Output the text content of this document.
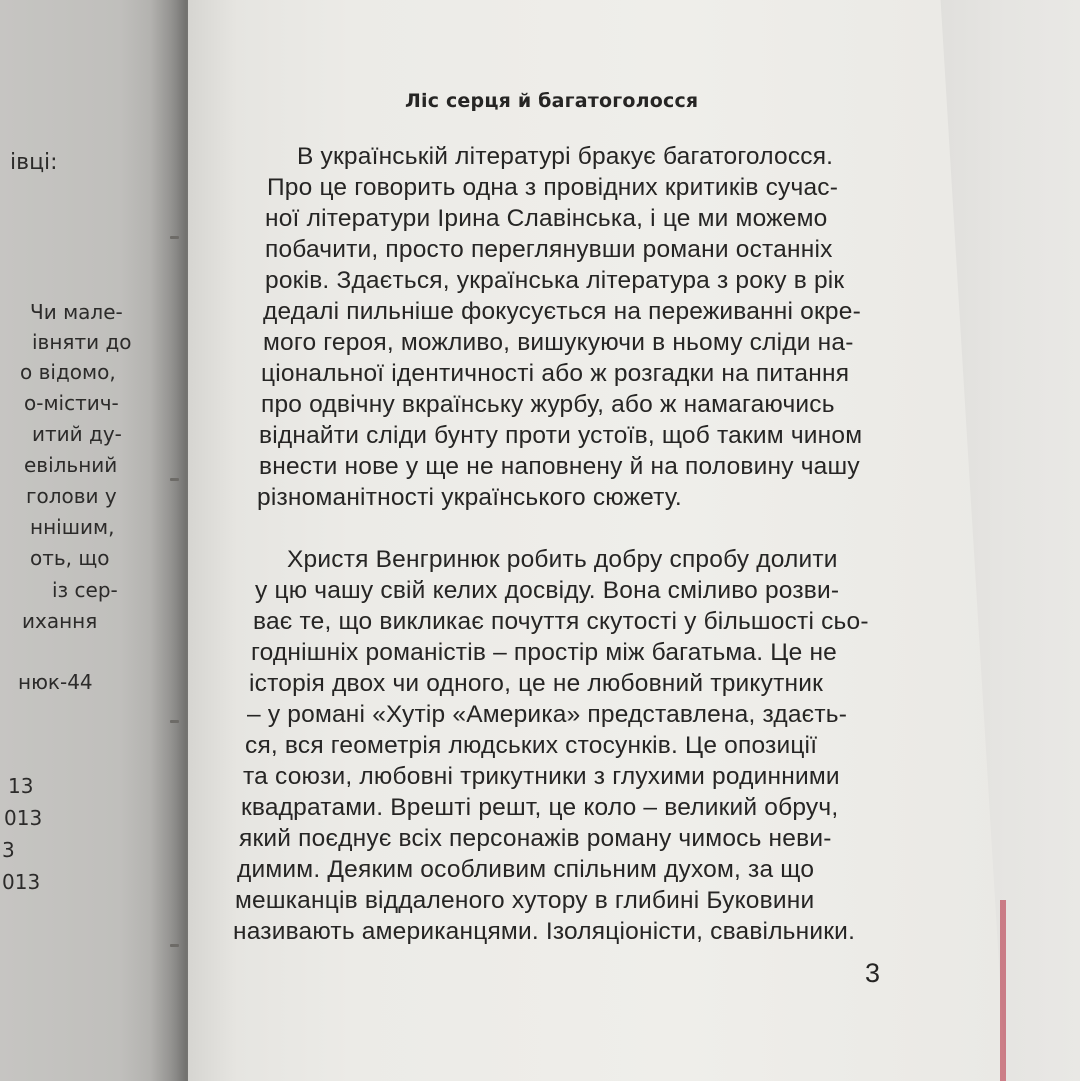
івці:
Чи мале-
івняти до
о відомо,
о-містич-
итий ду-
евільний
голови у
ннішим,
оть, що
із сер-
ихання
нюк-44
13
013
3
013
Ліс серця й багатоголосся
В українській літературі бракує багатоголосся.
Про це говорить одна з провідних критиків сучас-
ної літератури Ірина Славінська, і це ми можемо
побачити, просто переглянувши романи останніх
років. Здається, українська література з року в рік
дедалі пильніше фокусується на переживанні окре-
мого героя, можливо, вишукуючи в ньому сліди на-
ціональної ідентичності або ж розгадки на питання
про одвічну вкраїнську журбу, або ж намагаючись
віднайти сліди бунту проти устоїв, щоб таким чином
внести нове у ще не наповнену й на половину чашу
різноманітності українського сюжету.
Христя Венгринюк робить добру спробу долити
у цю чашу свій келих досвіду. Вона сміливо розви-
ває те, що викликає почуття скутості у більшості сьо-
годнішніх романістів – простір між багатьма. Це не
історія двох чи одного, це не любовний трикутник
– у романі «Хутір «Америка» представлена, здаєть-
ся, вся геометрія людських стосунків. Це опозиції
та союзи, любовні трикутники з глухими родинними
квадратами. Врешті решт, це коло – великий обруч,
який поєднує всіх персонажів роману чимось неви-
димим. Деяким особливим спільним духом, за що
мешканців віддаленого хутору в глибині Буковини
називають американцями. Ізоляціоністи, свавільники.
3
